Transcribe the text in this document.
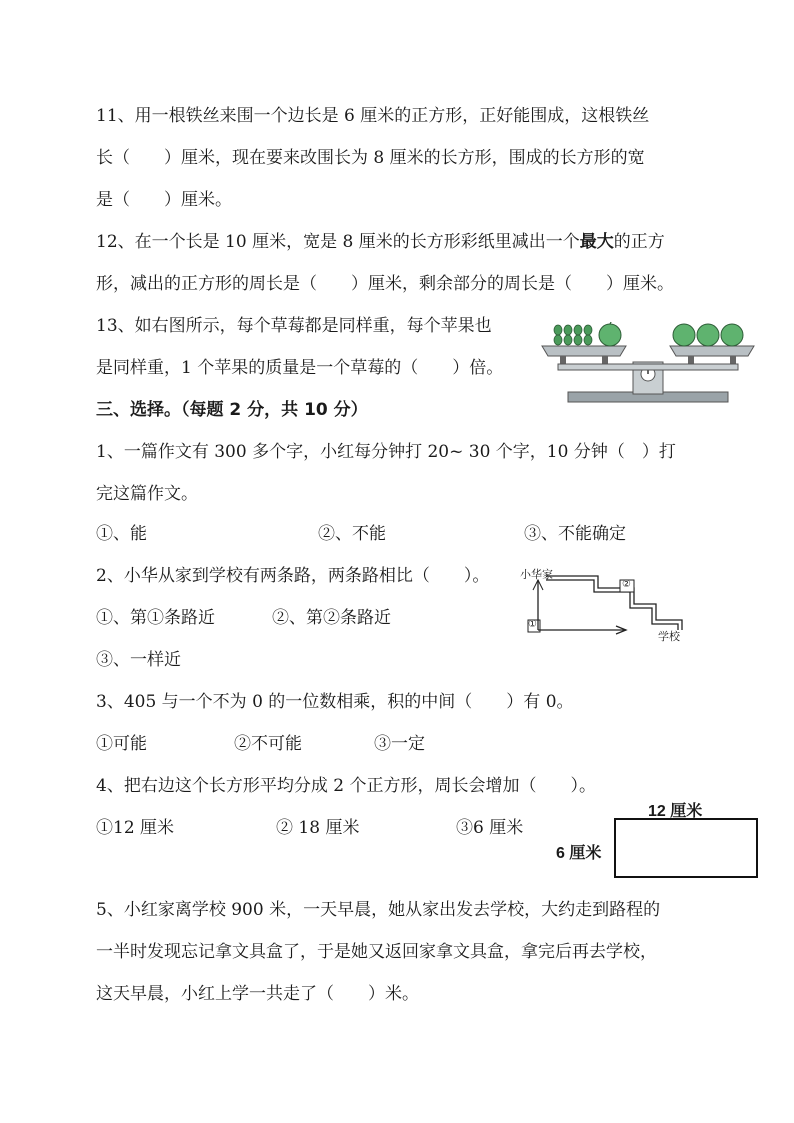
11、用一根铁丝来围一个边长是 6 厘米的正方形，正好能围成，这根铁丝
长（　　）厘米，现在要来改围长为 8 厘米的长方形，围成的长方形的宽
是（　　）厘米。
12、在一个长是 10 厘米，宽是 8 厘米的长方形彩纸里减出一个最大的正方
形，减出的正方形的周长是（　　）厘米，剩余部分的周长是（　　）厘米。
13、如右图所示，每个草莓都是同样重，每个苹果也
是同样重，1 个苹果的质量是一个草莓的（　　）倍。
三、选择。（每题 2 分，共 10 分）
1、一篇作文有 300 多个字，小红每分钟打 20~ 30 个字，10 分钟（　）打
完这篇作文。
①、能	②、不能	③、不能确定
2、小华从家到学校有两条路，两条路相比（　　）。
①、第①条路近	②、第②条路近
③、一样近
小华家
学校
①
②
3、405 与一个不为 0 的一位数相乘，积的中间（　　）有 0。
①可能	②不可能	③一定
4、把右边这个长方形平均分成 2 个正方形，周长会增加（　　）。
①12 厘米	② 18 厘米	③6 厘米
12 厘米
6 厘米
5、小红家离学校 900 米，一天早晨，她从家出发去学校，大约走到路程的
一半时发现忘记拿文具盒了，于是她又返回家拿文具盒，拿完后再去学校，
这天早晨，小红上学一共走了（　　）米。
